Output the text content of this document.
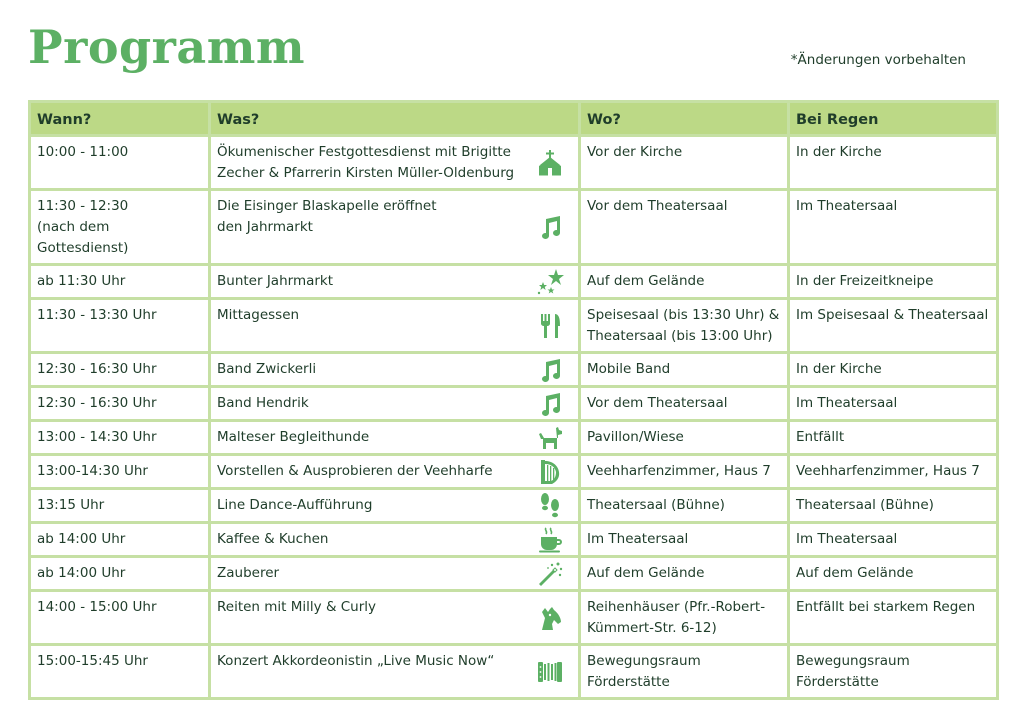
Programm	*Änderungen vorbehalten
Wann?	Was?	Wo?	Bei Regen

10:00 - 11:00	Ökumenischer Festgottesdienst mit Brigitte
Zecher & Pfarrerin Kirsten Müller-Oldenburg	Vor der Kirche	In der Kirche

11:30 - 12:30
(nach dem Gottesdienst)	Die Eisinger Blaskapelle eröffnet
den Jahrmarkt	Vor dem Theatersaal	Im Theatersaal

ab 11:30 Uhr	Bunter Jahrmarkt	Auf dem Gelände	In der Freizeitkneipe

11:30 - 13:30 Uhr	Mittagessen	Speisesaal (bis 13:30 Uhr) &
Theatersaal (bis 13:00 Uhr)	Im Speisesaal & Theatersaal

12:30 - 16:30 Uhr	Band Zwickerli	Mobile Band	In der Kirche

12:30 - 16:30 Uhr	Band Hendrik	Vor dem Theatersaal	Im Theatersaal

13:00 - 14:30 Uhr	Malteser Begleithunde	Pavillon/Wiese	Entfällt

13:00-14:30 Uhr	Vorstellen & Ausprobieren der Veehharfe	Veehharfenzimmer, Haus 7	Veehharfenzimmer, Haus 7

13:15 Uhr	Line Dance-Aufführung	Theatersaal (Bühne)	Theatersaal (Bühne)

ab 14:00 Uhr	Kaffee & Kuchen	Im Theatersaal	Im Theatersaal

ab 14:00 Uhr	Zauberer	Auf dem Gelände	Auf dem Gelände

14:00 - 15:00 Uhr	Reiten mit Milly & Curly	Reihenhäuser (Pfr.-Robert-
Kümmert-Str. 6-12)	Entfällt bei starkem Regen

15:00-15:45 Uhr	Konzert Akkordeonistin „Live Music Now“	Bewegungsraum
Förderstätte	Bewegungsraum
Förderstätte
